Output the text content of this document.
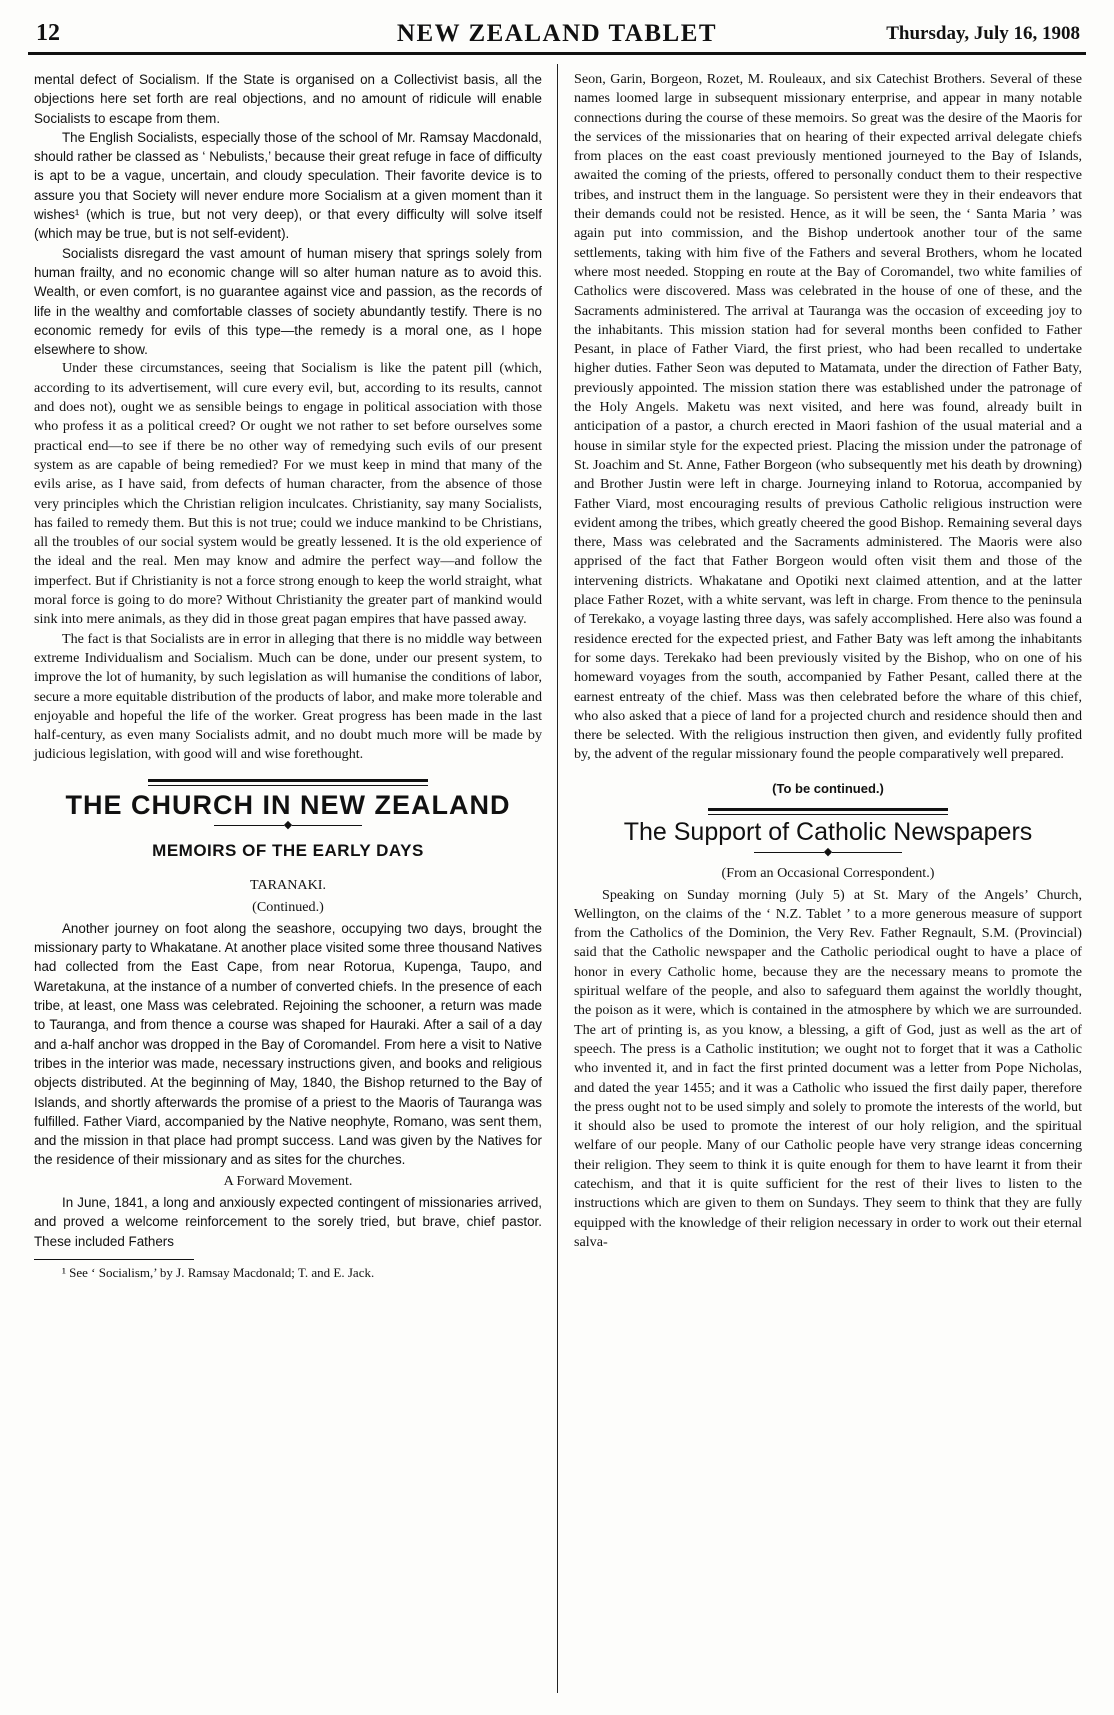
12	NEW ZEALAND TABLET	Thursday, July 16, 1908

mental defect of Socialism. If the State is organised on a Collectivist basis, all the objections here set forth are real objections, and no amount of ridicule will enable Socialists to escape from them.

The English Socialists, especially those of the school of Mr. Ramsay Macdonald, should rather be classed as ‘ Nebulists,’ because their great refuge in face of difficulty is apt to be a vague, uncertain, and cloudy speculation. Their favorite device is to assure you that Society will never endure more Socialism at a given moment than it wishes¹ (which is true, but not very deep), or that every difficulty will solve itself (which may be true, but is not self-evident).

Socialists disregard the vast amount of human misery that springs solely from human frailty, and no economic change will so alter human nature as to avoid this. Wealth, or even comfort, is no guarantee against vice and passion, as the records of life in the wealthy and comfortable classes of society abundantly testify. There is no economic remedy for evils of this type—the remedy is a moral one, as I hope elsewhere to show.

Under these circumstances, seeing that Socialism is like the patent pill (which, according to its advertisement, will cure every evil, but, according to its results, cannot and does not), ought we as sensible beings to engage in political association with those who profess it as a political creed? Or ought we not rather to set before ourselves some practical end—to see if there be no other way of remedying such evils of our present system as are capable of being remedied? For we must keep in mind that many of the evils arise, as I have said, from defects of human character, from the absence of those very principles which the Christian religion inculcates. Christianity, say many Socialists, has failed to remedy them. But this is not true; could we induce mankind to be Christians, all the troubles of our social system would be greatly lessened. It is the old experience of the ideal and the real. Men may know and admire the perfect way—and follow the imperfect. But if Christianity is not a force strong enough to keep the world straight, what moral force is going to do more? Without Christianity the greater part of mankind would sink into mere animals, as they did in those great pagan empires that have passed away.

The fact is that Socialists are in error in alleging that there is no middle way between extreme Individualism and Socialism. Much can be done, under our present system, to improve the lot of humanity, by such legislation as will humanise the conditions of labor, secure a more equitable distribution of the products of labor, and make more tolerable and enjoyable and hopeful the life of the worker. Great progress has been made in the last half-century, as even many Socialists admit, and no doubt much more will be made by judicious legislation, with good will and wise forethought.

THE CHURCH IN NEW ZEALAND
◆
MEMOIRS OF THE EARLY DAYS

TARANAKI.

(Continued.)

Another journey on foot along the seashore, occupying two days, brought the missionary party to Whakatane. At another place visited some three thousand Natives had collected from the East Cape, from near Rotorua, Kupenga, Taupo, and Waretakuna, at the instance of a number of converted chiefs. In the presence of each tribe, at least, one Mass was celebrated. Rejoining the schooner, a return was made to Tauranga, and from thence a course was shaped for Hauraki. After a sail of a day and a-half anchor was dropped in the Bay of Coromandel. From here a visit to Native tribes in the interior was made, necessary instructions given, and books and religious objects distributed. At the beginning of May, 1840, the Bishop returned to the Bay of Islands, and shortly afterwards the promise of a priest to the Maoris of Tauranga was fulfilled. Father Viard, accompanied by the Native neophyte, Romano, was sent them, and the mission in that place had prompt success. Land was given by the Natives for the residence of their missionary and as sites for the churches.

A Forward Movement.

In June, 1841, a long and anxiously expected contingent of missionaries arrived, and proved a welcome reinforcement to the sorely tried, but brave, chief pastor. These included Fathers

¹ See ‘ Socialism,’ by J. Ramsay Macdonald; T. and E. Jack.

Seon, Garin, Borgeon, Rozet, M. Rouleaux, and six Catechist Brothers. Several of these names loomed large in subsequent missionary enterprise, and appear in many notable connections during the course of these memoirs. So great was the desire of the Maoris for the services of the missionaries that on hearing of their expected arrival delegate chiefs from places on the east coast previously mentioned journeyed to the Bay of Islands, awaited the coming of the priests, offered to personally conduct them to their respective tribes, and instruct them in the language. So persistent were they in their endeavors that their demands could not be resisted. Hence, as it will be seen, the ‘ Santa Maria ’ was again put into commission, and the Bishop undertook another tour of the same settlements, taking with him five of the Fathers and several Brothers, whom he located where most needed. Stopping en route at the Bay of Coromandel, two white families of Catholics were discovered. Mass was celebrated in the house of one of these, and the Sacraments administered. The arrival at Tauranga was the occasion of exceeding joy to the inhabitants. This mission station had for several months been confided to Father Pesant, in place of Father Viard, the first priest, who had been recalled to undertake higher duties. Father Seon was deputed to Matamata, under the direction of Father Baty, previously appointed. The mission station there was established under the patronage of the Holy Angels. Maketu was next visited, and here was found, already built in anticipation of a pastor, a church erected in Maori fashion of the usual material and a house in similar style for the expected priest. Placing the mission under the patronage of St. Joachim and St. Anne, Father Borgeon (who subsequently met his death by drowning) and Brother Justin were left in charge. Journeying inland to Rotorua, accompanied by Father Viard, most encouraging results of previous Catholic religious instruction were evident among the tribes, which greatly cheered the good Bishop. Remaining several days there, Mass was celebrated and the Sacraments administered. The Maoris were also apprised of the fact that Father Borgeon would often visit them and those of the intervening districts. Whakatane and Opotiki next claimed attention, and at the latter place Father Rozet, with a white servant, was left in charge. From thence to the peninsula of Terekako, a voyage lasting three days, was safely accomplished. Here also was found a residence erected for the expected priest, and Father Baty was left among the inhabitants for some days. Terekako had been previously visited by the Bishop, who on one of his homeward voyages from the south, accompanied by Father Pesant, called there at the earnest entreaty of the chief. Mass was then celebrated before the whare of this chief, who also asked that a piece of land for a projected church and residence should then and there be selected. With the religious instruction then given, and evidently fully profited by, the advent of the regular missionary found the people comparatively well prepared.

(To be continued.)
The Support of Catholic Newspapers
◆

(From an Occasional Correspondent.)

Speaking on Sunday morning (July 5) at St. Mary of the Angels’ Church, Wellington, on the claims of the ‘ N.Z. Tablet ’ to a more generous measure of support from the Catholics of the Dominion, the Very Rev. Father Regnault, S.M. (Provincial) said that the Catholic newspaper and the Catholic periodical ought to have a place of honor in every Catholic home, because they are the necessary means to promote the spiritual welfare of the people, and also to safeguard them against the worldly thought, the poison as it were, which is contained in the atmosphere by which we are surrounded. The art of printing is, as you know, a blessing, a gift of God, just as well as the art of speech. The press is a Catholic institution; we ought not to forget that it was a Catholic who invented it, and in fact the first printed document was a letter from Pope Nicholas, and dated the year 1455; and it was a Catholic who issued the first daily paper, therefore the press ought not to be used simply and solely to promote the interests of the world, but it should also be used to promote the interest of our holy religion, and the spiritual welfare of our people. Many of our Catholic people have very strange ideas concerning their religion. They seem to think it is quite enough for them to have learnt it from their catechism, and that it is quite sufficient for the rest of their lives to listen to the instructions which are given to them on Sundays. They seem to think that they are fully equipped with the knowledge of their religion necessary in order to work out their eternal salva-
